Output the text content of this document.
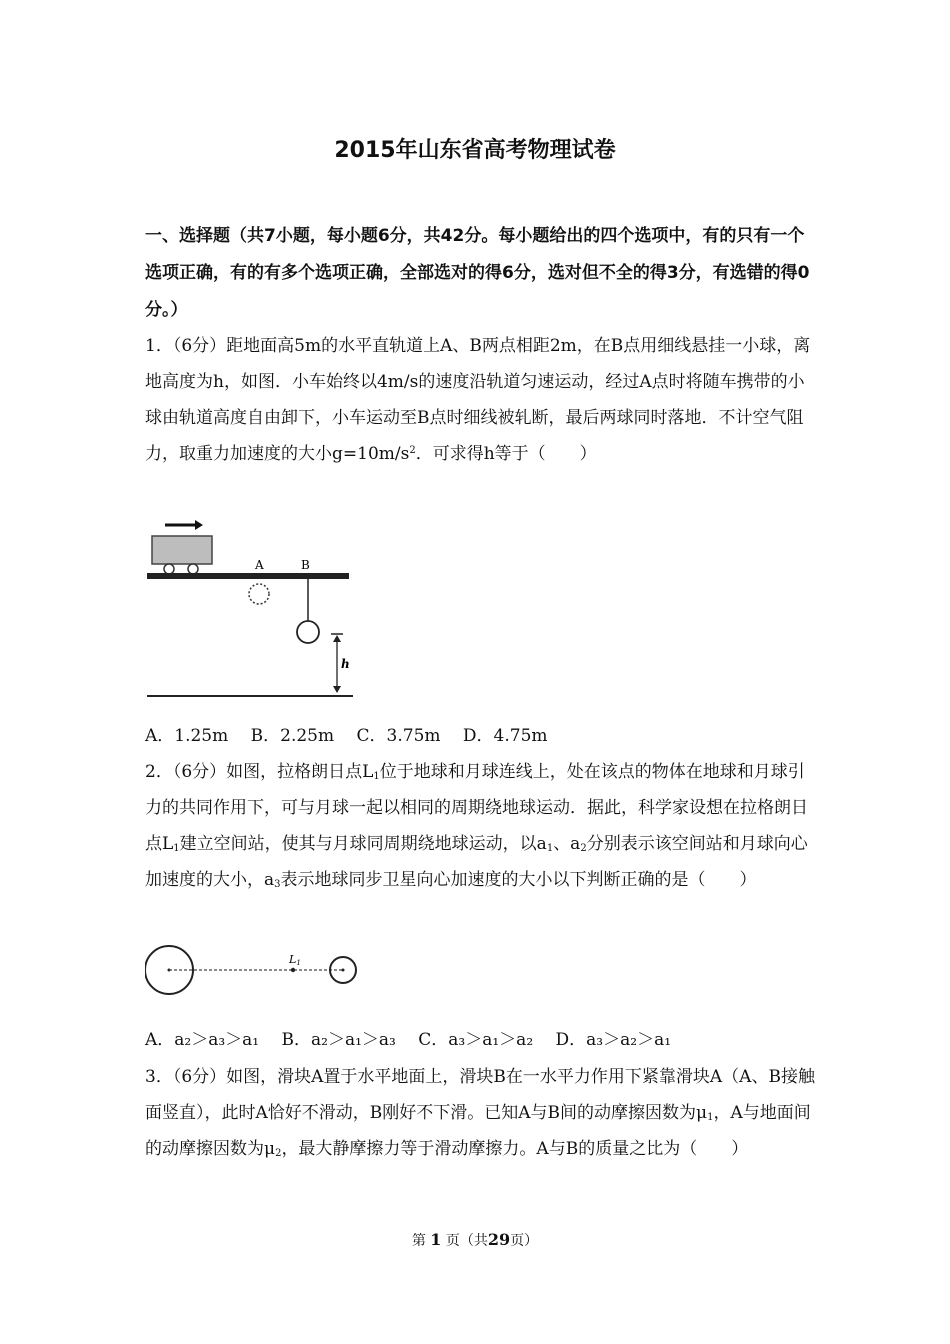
2015年山东省高考物理试卷
一、选择题（共7小题，每小题6分，共42分。每小题给出的四个选项中，有的只有一个选项正确，有的有多个选项正确，全部选对的得6分，选对但不全的得3分，有选错的得0分。）

1．（6分）距地面高5m的水平直轨道上A、B两点相距2m，在B点用细线悬挂一小球，离地高度为h，如图．小车始终以4m/s的速度沿轨道匀速运动，经过A点时将随车携带的小球由轨道高度自由卸下，小车运动至B点时细线被轧断，最后两球同时落地．不计空气阻力，取重力加速度的大小$g=10m/s^2$．可求得h等于（　　）

A	B
h
A．1.25m　 B．2.25m　 C．3.75m　 D．4.75m

2．（6分）如图，拉格朗日点$L_1$位于地球和月球连线上，处在该点的物体在地球和月球引力的共同作用下，可与月球一起以相同的周期绕地球运动．据此，科学家设想在拉格朗日点$L_1$建立空间站，使其与月球同周期绕地球运动，以$a_1$、$a_2$分别表示该空间站和月球向心加速度的大小，$a_3$表示地球同步卫星向心加速度的大小以下判断正确的是（　　）

L1
A．a₂＞a₃＞a₁　 B．a₂＞a₁＞a₃　 C．a₃＞a₁＞a₂　 D．a₃＞a₂＞a₁

3．（6分）如图，滑块A置于水平地面上，滑块B在一水平力作用下紧靠滑块A（A、B接触面竖直），此时A恰好不滑动，B刚好不下滑。已知A与B间的动摩擦因数为$\mu_1$，A与地面间的动摩擦因数为$\mu_2$，最大静摩擦力等于滑动摩擦力。A与B的质量之比为（　　）

第 1 页（共29页）
